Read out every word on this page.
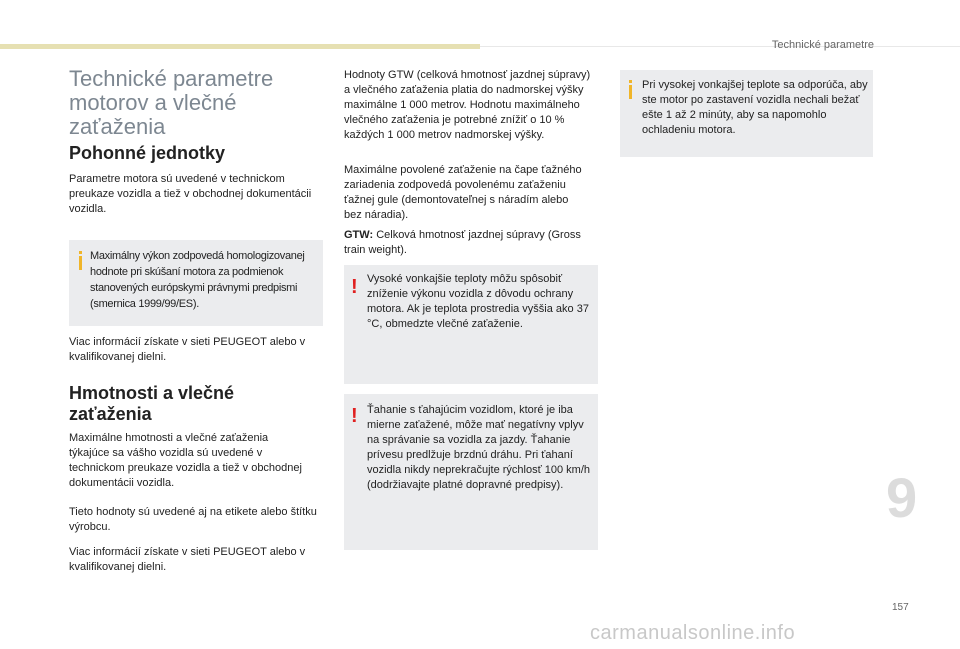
Technické parametre
Technické parametre motorov a vlečné zaťaženia
Pohonné jednotky

Parametre motora sú uvedené v technickom preukaze vozidla a tiež v obchodnej dokumentácii vozidla.

Maximálny výkon zodpovedá homologizovanej hodnote pri skúšaní motora za podmienok stanovených európskymi právnymi predpismi (smernica 1999/99/ES).

Viac informácií získate v sieti PEUGEOT alebo v kvalifikovanej dielni.

Hmotnosti a vlečné zaťaženia

Maximálne hmotnosti a vlečné zaťaženia týkajúce sa vášho vozidla sú uvedené v technickom preukaze vozidla a tiež v obchodnej dokumentácii vozidla.

Tieto hodnoty sú uvedené aj na etikete alebo štítku výrobcu.

Viac informácií získate v sieti PEUGEOT alebo v kvalifikovanej dielni.

Hodnoty GTW (celková hmotnosť jazdnej súpravy) a vlečného zaťaženia platia do nadmorskej výšky maximálne 1 000 metrov. Hodnotu maximálneho vlečného zaťaženia je potrebné znížiť o 10 % každých 1 000 metrov nadmorskej výšky.

Maximálne povolené zaťaženie na čape ťažného zariadenia zodpovedá povolenému zaťaženiu ťažnej gule (demontovateľnej s náradím alebo bez náradia).

GTW: Celková hmotnosť jazdnej súpravy (Gross train weight).

! Vysoké vonkajšie teploty môžu spôsobiť zníženie výkonu vozidla z dôvodu ochrany motora. Ak je teplota prostredia vyššia ako 37 °C, obmedzte vlečné zaťaženie.
! Ťahanie s ťahajúcim vozidlom, ktoré je iba mierne zaťažené, môže mať negatívny vplyv na správanie sa vozidla za jazdy. Ťahanie prívesu predlžuje brzdnú dráhu. Pri ťahaní vozidla nikdy neprekračujte rýchlosť 100 km/h (dodržiavajte platné dopravné predpisy).
Pri vysokej vonkajšej teplote sa odporúča, aby ste motor po zastavení vozidla nechali bežať ešte 1 až 2 minúty, aby sa napomohlo ochladeniu motora.
9
157
carmanualsonline.info
